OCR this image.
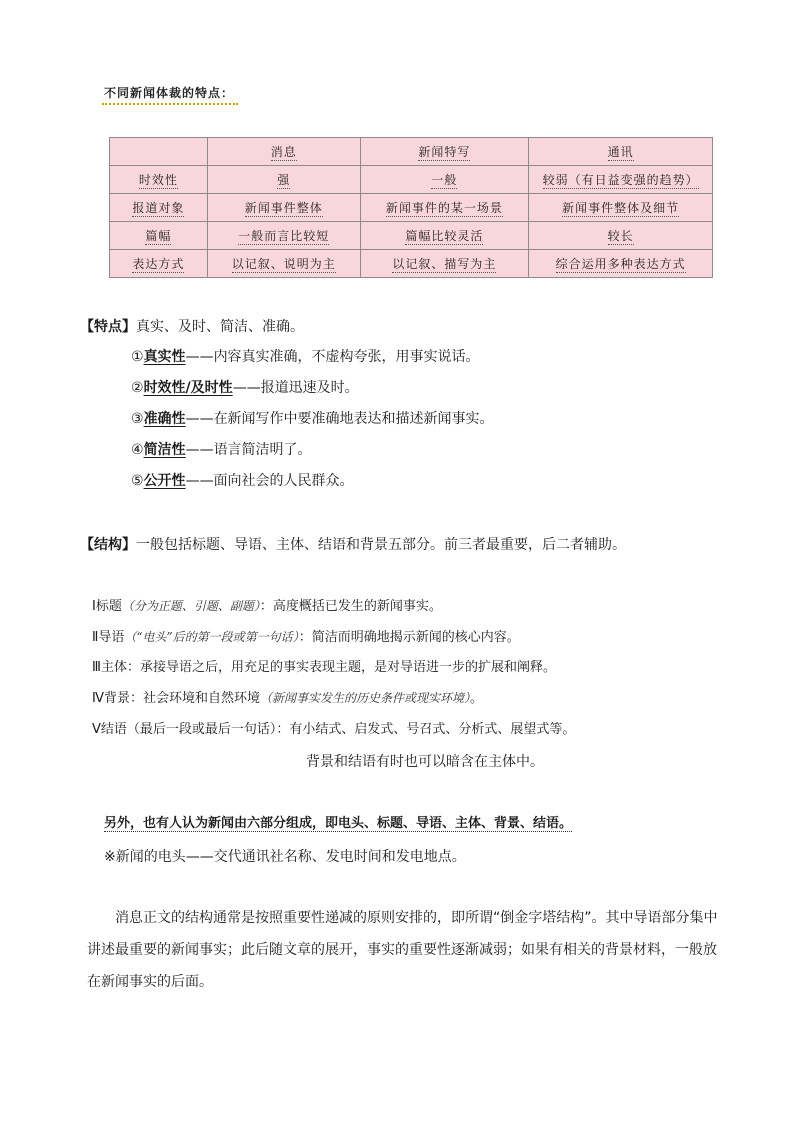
不同新闻体裁的特点：
	消息	新闻特写	通讯
时效性	强	一般	较弱（有日益变强的趋势）
报道对象	新闻事件整体	新闻事件的某一场景	新闻事件整体及细节
篇幅	一般而言比较短	篇幅比较灵活	较长
表达方式	以记叙、说明为主	以记叙、描写为主	综合运用多种表达方式
【特点】真实、及时、简洁、准确。
①真实性——内容真实准确，不虚构夸张，用事实说话。
②时效性/及时性——报道迅速及时。
③准确性——在新闻写作中要准确地表达和描述新闻事实。
④简洁性——语言简洁明了。
⑤公开性——面向社会的人民群众。
【结构】一般包括标题、导语、主体、结语和背景五部分。前三者最重要，后二者辅助。
Ⅰ标题（分为正题、引题、副题）：高度概括已发生的新闻事实。
Ⅱ导语（“电头”后的第一段或第一句话）：简洁而明确地揭示新闻的核心内容。
Ⅲ主体：承接导语之后，用充足的事实表现主题，是对导语进一步的扩展和阐释。
Ⅳ背景：社会环境和自然环境（新闻事实发生的历史条件或现实环境）。
Ⅴ结语（最后一段或最后一句话）：有小结式、启发式、号召式、分析式、展望式等。
背景和结语有时也可以暗含在主体中。
另外，也有人认为新闻由六部分组成，即电头、标题、导语、主体、背景、结语。
※新闻的电头——交代通讯社名称、发电时间和发电地点。
消息正文的结构通常是按照重要性递减的原则安排的，即所谓“倒金字塔结构”。其中导语部分集中讲述最重要的新闻事实；此后随文章的展开，事实的重要性逐渐减弱；如果有相关的背景材料，一般放在新闻事实的后面。
